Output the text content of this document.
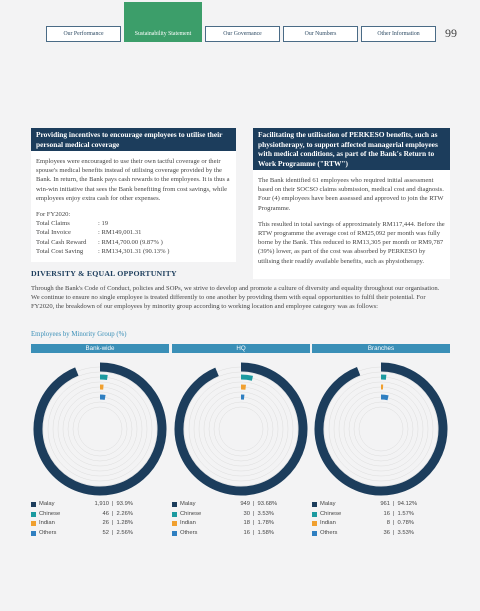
Our Performance	Sustainability Statement	Our Governance	Our Numbers	Other Information	99
Providing incentives to encourage employees to utilise their personal medical coverage

Employees were encouraged to use their own tactful coverage or their spouse's medical benefits instead of utilising coverage provided by the Bank. In return, the Bank pays cash rewards to the employees. It is thus a win-win initiative that sees the Bank benefiting from cost savings, while employees enjoy extra cash for other expenses.

For FY2020:
Total Claims	: 19
Total Invoice	: RM149,001.31
Total Cash Reward	: RM14,700.00 (9.87% )
Total Cost Saving	: RM134,301.31 (90.13% )
Facilitating the utilisation of PERKESO benefits, such as physiotherapy, to support affected managerial employees with medical conditions, as part of the Bank's Return to Work Programme ("RTW")

The Bank identified 61 employees who required initial assessment based on their SOCSO claims submission, medical cost and diagnosis. Four (4) employees have been assessed and approved to join the RTW Programme.

This resulted in total savings of approximately RM117,444. Before the RTW programme the average cost of RM25,092 per month was fully borne by the Bank. This reduced to RM13,305 per month or RM9,787 (39%) lower, as part of the cost was absorbed by PERKESO by utilising their readily available benefits, such as physiotherapy.

DIVERSITY & EQUAL OPPORTUNITY
Through the Bank's Code of Conduct, policies and SOPs, we strive to develop and promote a culture of diversity and equality throughout our organisation. We continue to ensure no single employee is treated differently to one another by providing them with equal opportunities to fulfil their potential. For FY2020, the breakdown of our employees by minority group according to working location and employee category was as follows:
Employees by Minority Group (%)
Bank-wide
Malay	1,910 | 93.9%
Chinese	46 | 2.26%
Indian	26 | 1.28%
Others	52 | 2.56%
HQ
Malay	949 | 93.68%
Chinese	30 | 3.53%
Indian	18 | 1.78%
Others	16 | 1.58%
Branches
Malay	961 | 94.12%
Chinese	16 | 1.57%
Indian	8 | 0.78%
Others	36 | 3.53%
